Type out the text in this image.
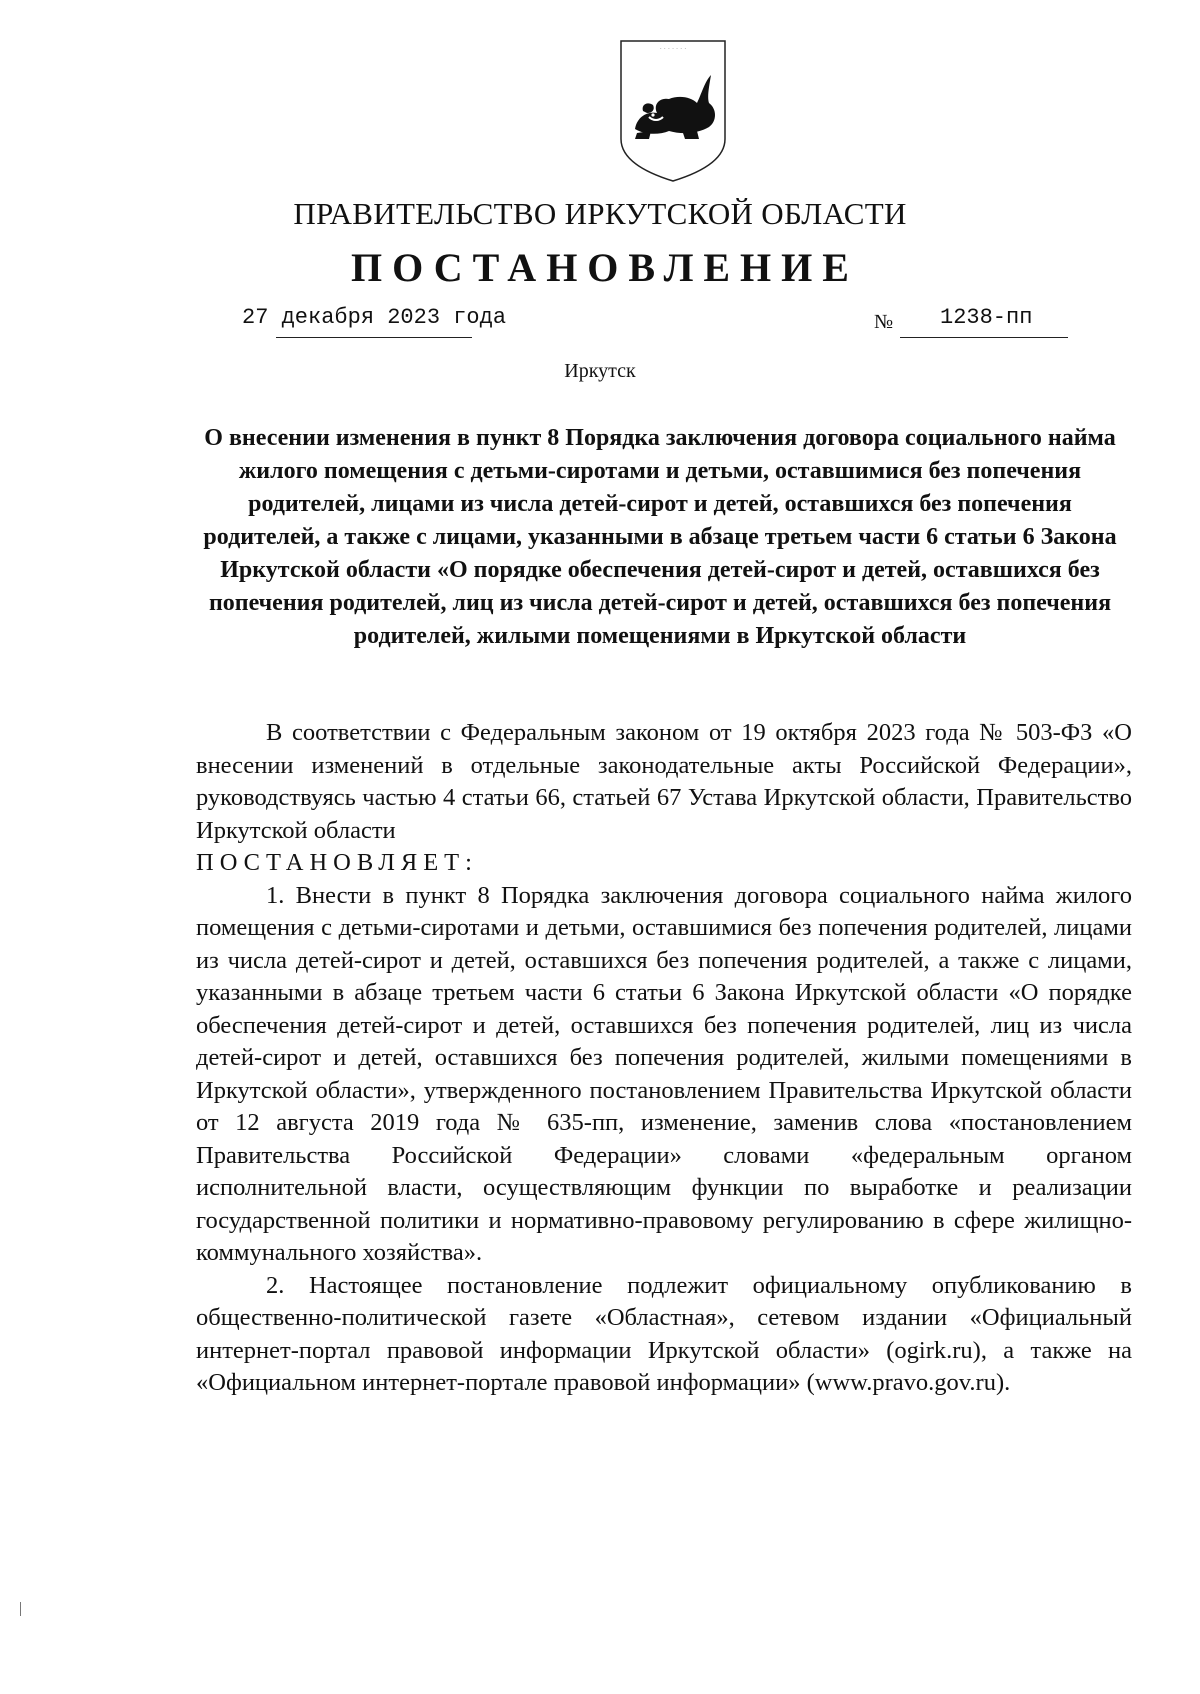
· · · · · · ·
ПРАВИТЕЛЬСТВО ИРКУТСКОЙ ОБЛАСТИ
ПОСТАНОВЛЕНИЕ
27 декабря 2023 года	№ 1238-пп
Иркутск
О внесении изменения в пункт 8 Порядка заключения договора социального найма жилого помещения с детьми-сиротами и детьми, оставшимися без попечения родителей, лицами из числа детей-сирот и детей, оставшихся без попечения родителей, а также с лицами, указанными в абзаце третьем части 6 статьи 6 Закона Иркутской области «О порядке обеспечения детей-сирот и детей, оставшихся без попечения родителей, лиц из числа детей-сирот и детей, оставшихся без попечения родителей, жилыми помещениями в Иркутской области

В соответствии с Федеральным законом от 19 октября 2023 года № 503-ФЗ «О внесении изменений в отдельные законодательные акты Российской Федерации», руководствуясь частью 4 статьи 66, статьей 67 Устава Иркутской области, Правительство Иркутской области

ПОСТАНОВЛЯЕТ:

1. Внести в пункт 8 Порядка заключения договора социального найма жилого помещения с детьми-сиротами и детьми, оставшимися без попечения родителей, лицами из числа детей-сирот и детей, оставшихся без попечения родителей, а также с лицами, указанными в абзаце третьем части 6 статьи 6 Закона Иркутской области «О порядке обеспечения детей-сирот и детей, оставшихся без попечения родителей, лиц из числа детей-сирот и детей, оставшихся без попечения родителей, жилыми помещениями в Иркутской области», утвержденного постановлением Правительства Иркутской области от 12 августа 2019 года № 635-пп, изменение, заменив слова «постановлением Правительства Российской Федерации» словами «федеральным органом исполнительной власти, осуществляющим функции по выработке и реализации государственной политики и нормативно-правовому регулированию в сфере жилищно-коммунального хозяйства».

2. Настоящее постановление подлежит официальному опубликованию в общественно-политической газете «Областная», сетевом издании «Официальный интернет-портал правовой информации Иркутской области» (ogirk.ru), а также на «Официальном интернет-портале правовой информации» (www.pravo.gov.ru).
